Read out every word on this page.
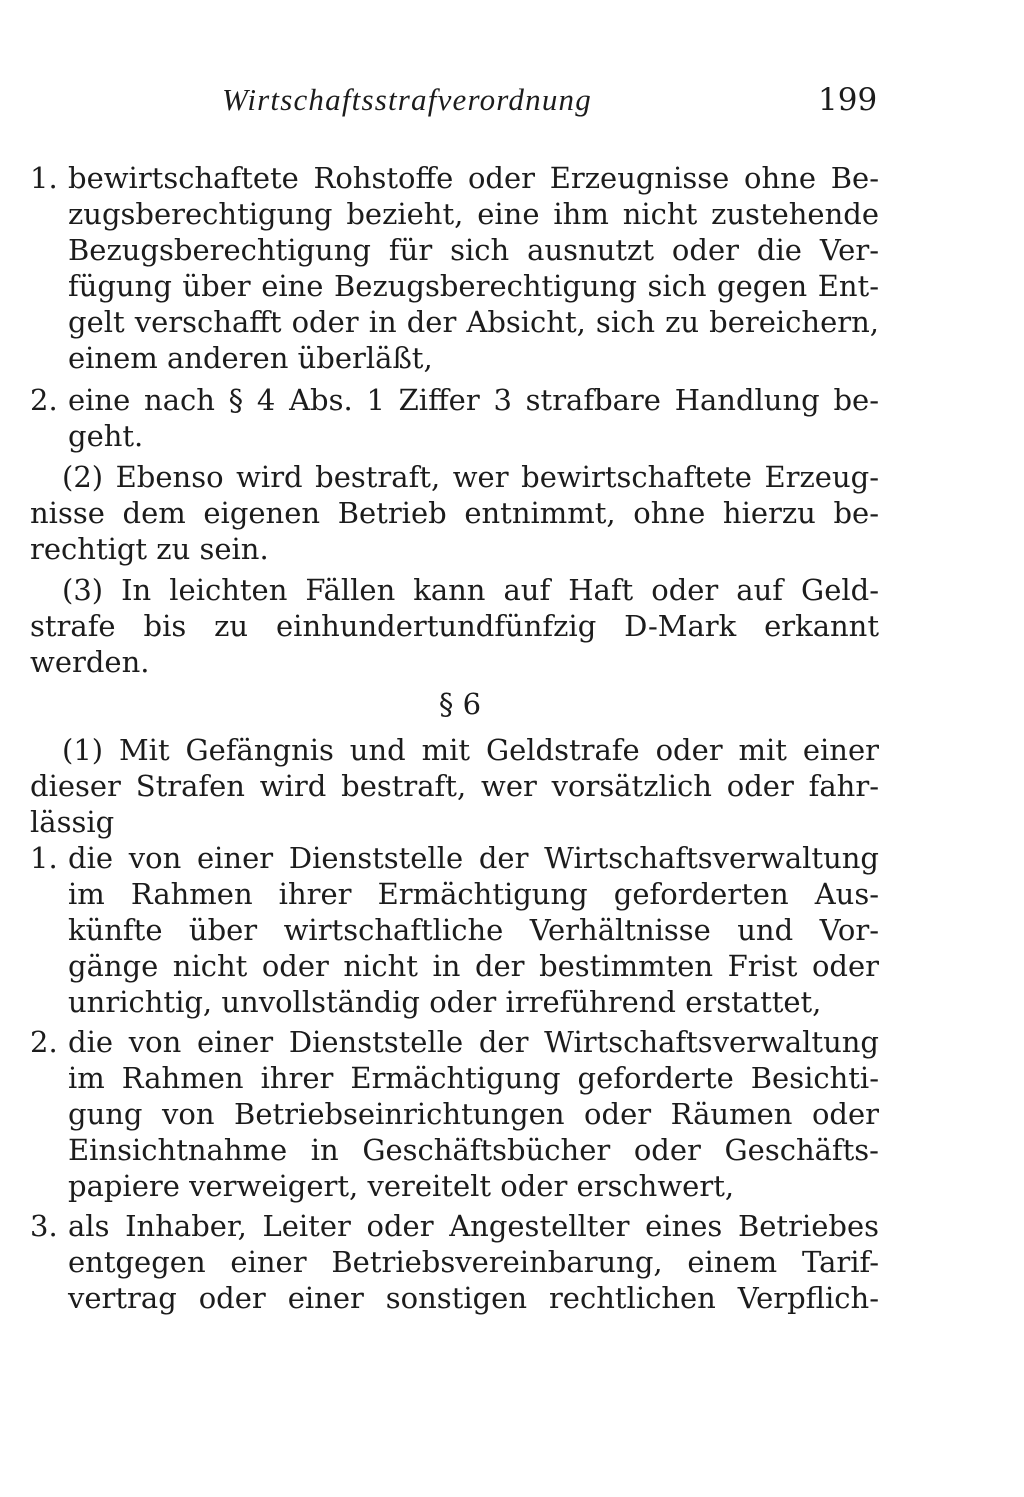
Wirtschaftsstrafverordnung	199
1. bewirtschaftete Rohstoffe oder Erzeugnisse ohne Be-
zugsberechtigung bezieht, eine ihm nicht zustehende
Bezugsberechtigung für sich ausnutzt oder die Ver-
fügung über eine Bezugsberechtigung sich gegen Ent-
gelt verschafft oder in der Absicht, sich zu bereichern,
einem anderen überläßt,
2. eine nach § 4 Abs. 1 Ziffer 3 strafbare Handlung be-
geht.
(2) Ebenso wird bestraft, wer bewirtschaftete Erzeug-
nisse dem eigenen Betrieb entnimmt, ohne hierzu be-
rechtigt zu sein.
(3) In leichten Fällen kann auf Haft oder auf Geld-
strafe bis zu einhundertundfünfzig D-Mark erkannt
werden.
§ 6
(1) Mit Gefängnis und mit Geldstrafe oder mit einer
dieser Strafen wird bestraft, wer vorsätzlich oder fahr-
lässig
1. die von einer Dienststelle der Wirtschaftsverwaltung
im Rahmen ihrer Ermächtigung geforderten Aus-
künfte über wirtschaftliche Verhältnisse und Vor-
gänge nicht oder nicht in der bestimmten Frist oder
unrichtig, unvollständig oder irreführend erstattet,
2. die von einer Dienststelle der Wirtschaftsverwaltung
im Rahmen ihrer Ermächtigung geforderte Besichti-
gung von Betriebseinrichtungen oder Räumen oder
Einsichtnahme in Geschäftsbücher oder Geschäfts-
papiere verweigert, vereitelt oder erschwert,
3. als Inhaber, Leiter oder Angestellter eines Betriebes
entgegen einer Betriebsvereinbarung, einem Tarif-
vertrag oder einer sonstigen rechtlichen Verpflich-
